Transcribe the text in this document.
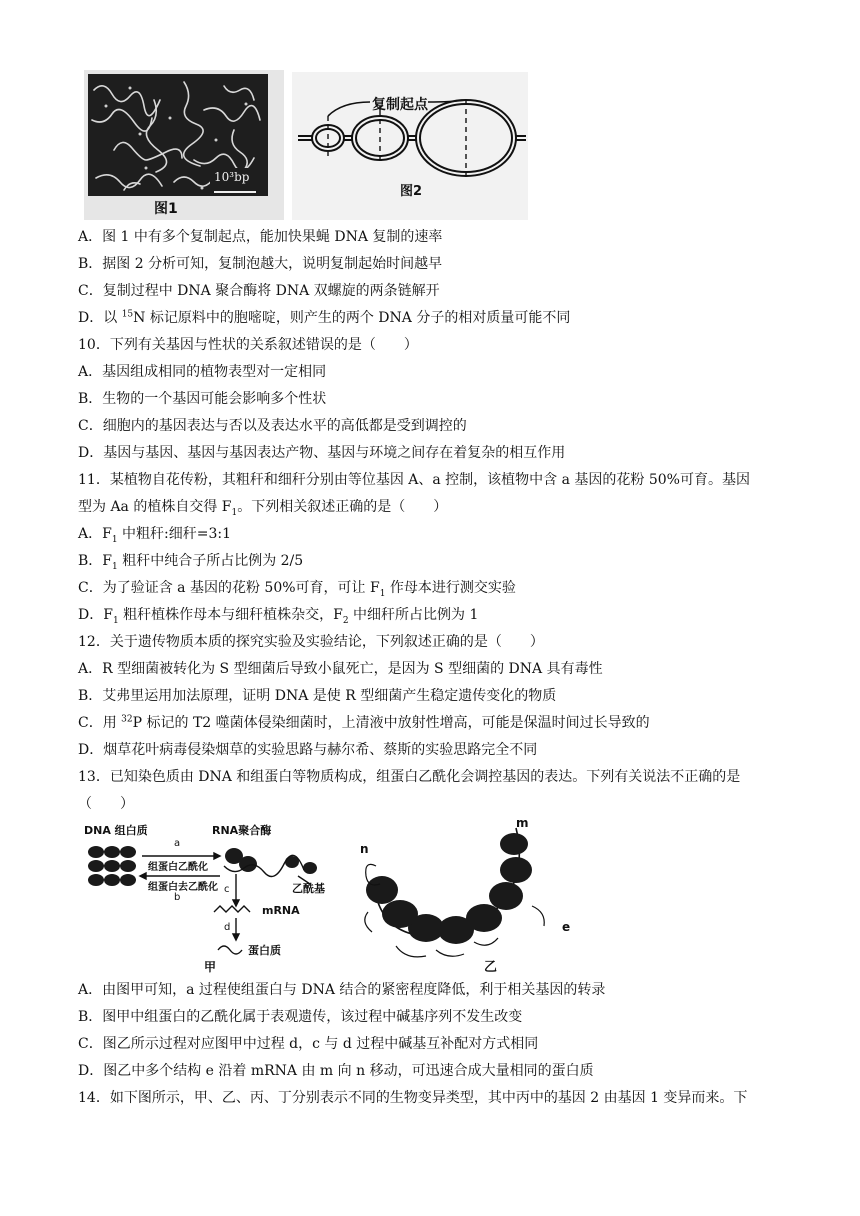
10³bp
图1
复制起点
图2
A．图 1 中有多个复制起点，能加快果蝇 DNA 复制的速率
B．据图 2 分析可知，复制泡越大，说明复制起始时间越早
C．复制过程中 DNA 聚合酶将 DNA 双螺旋的两条链解开
D．以 $^{15}$N 标记原料中的胞嘧啶，则产生的两个 DNA 分子的相对质量可能不同
10．下列有关基因与性状的关系叙述错误的是（　　）
A．基因组成相同的植物表型对一定相同
B．生物的一个基因可能会影响多个性状
C．细胞内的基因表达与否以及表达水平的高低都是受到调控的
D．基因与基因、基因与基因表达产物、基因与环境之间存在着复杂的相互作用
11．某植物自花传粉，其粗秆和细秆分别由等位基因 A、a 控制，该植物中含 a 基因的花粉 50%可育。基因
型为 Aa 的植株自交得 $F_1$。下列相关叙述正确的是（　　）
A．$F_1$ 中粗秆:细秆=3:1
B．$F_1$ 粗秆中纯合子所占比例为 2/5
C．为了验证含 a 基因的花粉 50%可育，可让 $F_1$ 作母本进行测交实验
D．$F_1$ 粗秆植株作母本与细秆植株杂交，$F_2$ 中细秆所占比例为 1
12．关于遗传物质本质的探究实验及实验结论，下列叙述正确的是（　　）
A．R 型细菌被转化为 S 型细菌后导致小鼠死亡，是因为 S 型细菌的 DNA 具有毒性
B．艾弗里运用加法原理，证明 DNA 是使 R 型细菌产生稳定遗传变化的物质
C．用 $^{32}$P 标记的 T2 噬菌体侵染细菌时，上清液中放射性增高，可能是保温时间过长导致的
D．烟草花叶病毒侵染烟草的实验思路与赫尔希、蔡斯的实验思路完全不同
13．已知染色质由 DNA 和组蛋白等物质构成，组蛋白乙酰化会调控基因的表达。下列有关说法不正确的是
（　　）
DNA 组白质	RNA聚合酶
a
组蛋白乙酰化
组蛋白去乙酰化
b
乙酰基
c
mRNA
d
蛋白质
甲
m
n
e
乙
A．由图甲可知，a 过程使组蛋白与 DNA 结合的紧密程度降低，利于相关基因的转录
B．图甲中组蛋白的乙酰化属于表观遗传，该过程中碱基序列不发生改变
C．图乙所示过程对应图甲中过程 d，c 与 d 过程中碱基互补配对方式相同
D．图乙中多个结构 e 沿着 mRNA 由 m 向 n 移动，可迅速合成大量相同的蛋白质
14．如下图所示，甲、乙、丙、丁分别表示不同的生物变异类型，其中丙中的基因 2 由基因 1 变异而来。下
